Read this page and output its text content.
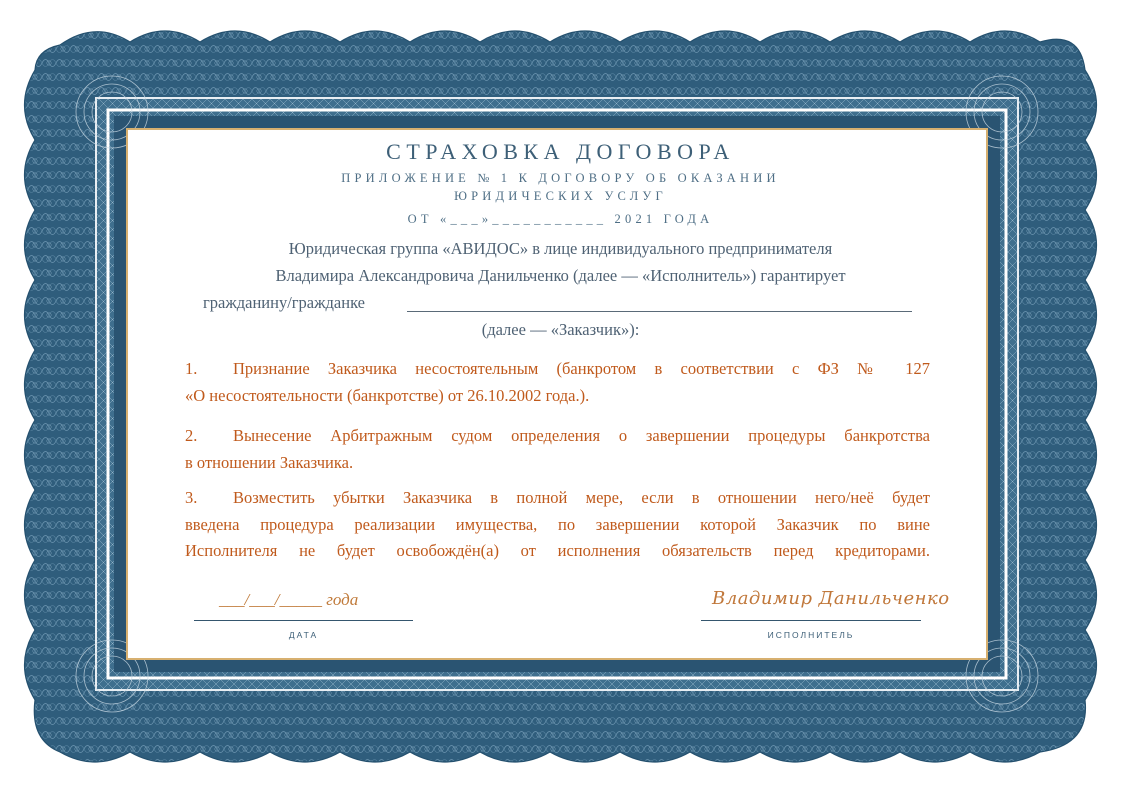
СТРАХОВКА ДОГОВОРА
ПРИЛОЖЕНИЕ № 1 К ДОГОВОРУ ОБ ОКАЗАНИИ
ЮРИДИЧЕСКИХ УСЛУГ
ОТ «___»___________ 2021 ГОДА
Юридическая группа «АВИДОС» в лице индивидуального предпринимателя
Владимира Александровича Данильченко (далее — «Исполнитель») гарантирует
гражданину/гражданке
(далее — «Заказчик»):
1. Признание Заказчика несостоятельным (банкротом в соответствии с ФЗ № 127
«О несостоятельности (банкротстве) от 26.10.2002 года.).
2. Вынесение Арбитражным судом определения о завершении процедуры банкротства
в отношении Заказчика.
3. Возместить убытки Заказчика в полной мере, если в отношении него/неё будет
введена процедура реализации имущества, по завершении которой Заказчик по вине
Исполнителя не будет освобождён(а) от исполнения обязательств перед кредиторами.
___/___/_____ года
ДАТА
Владимир Данильченко
ИСПОЛНИТЕЛЬ
